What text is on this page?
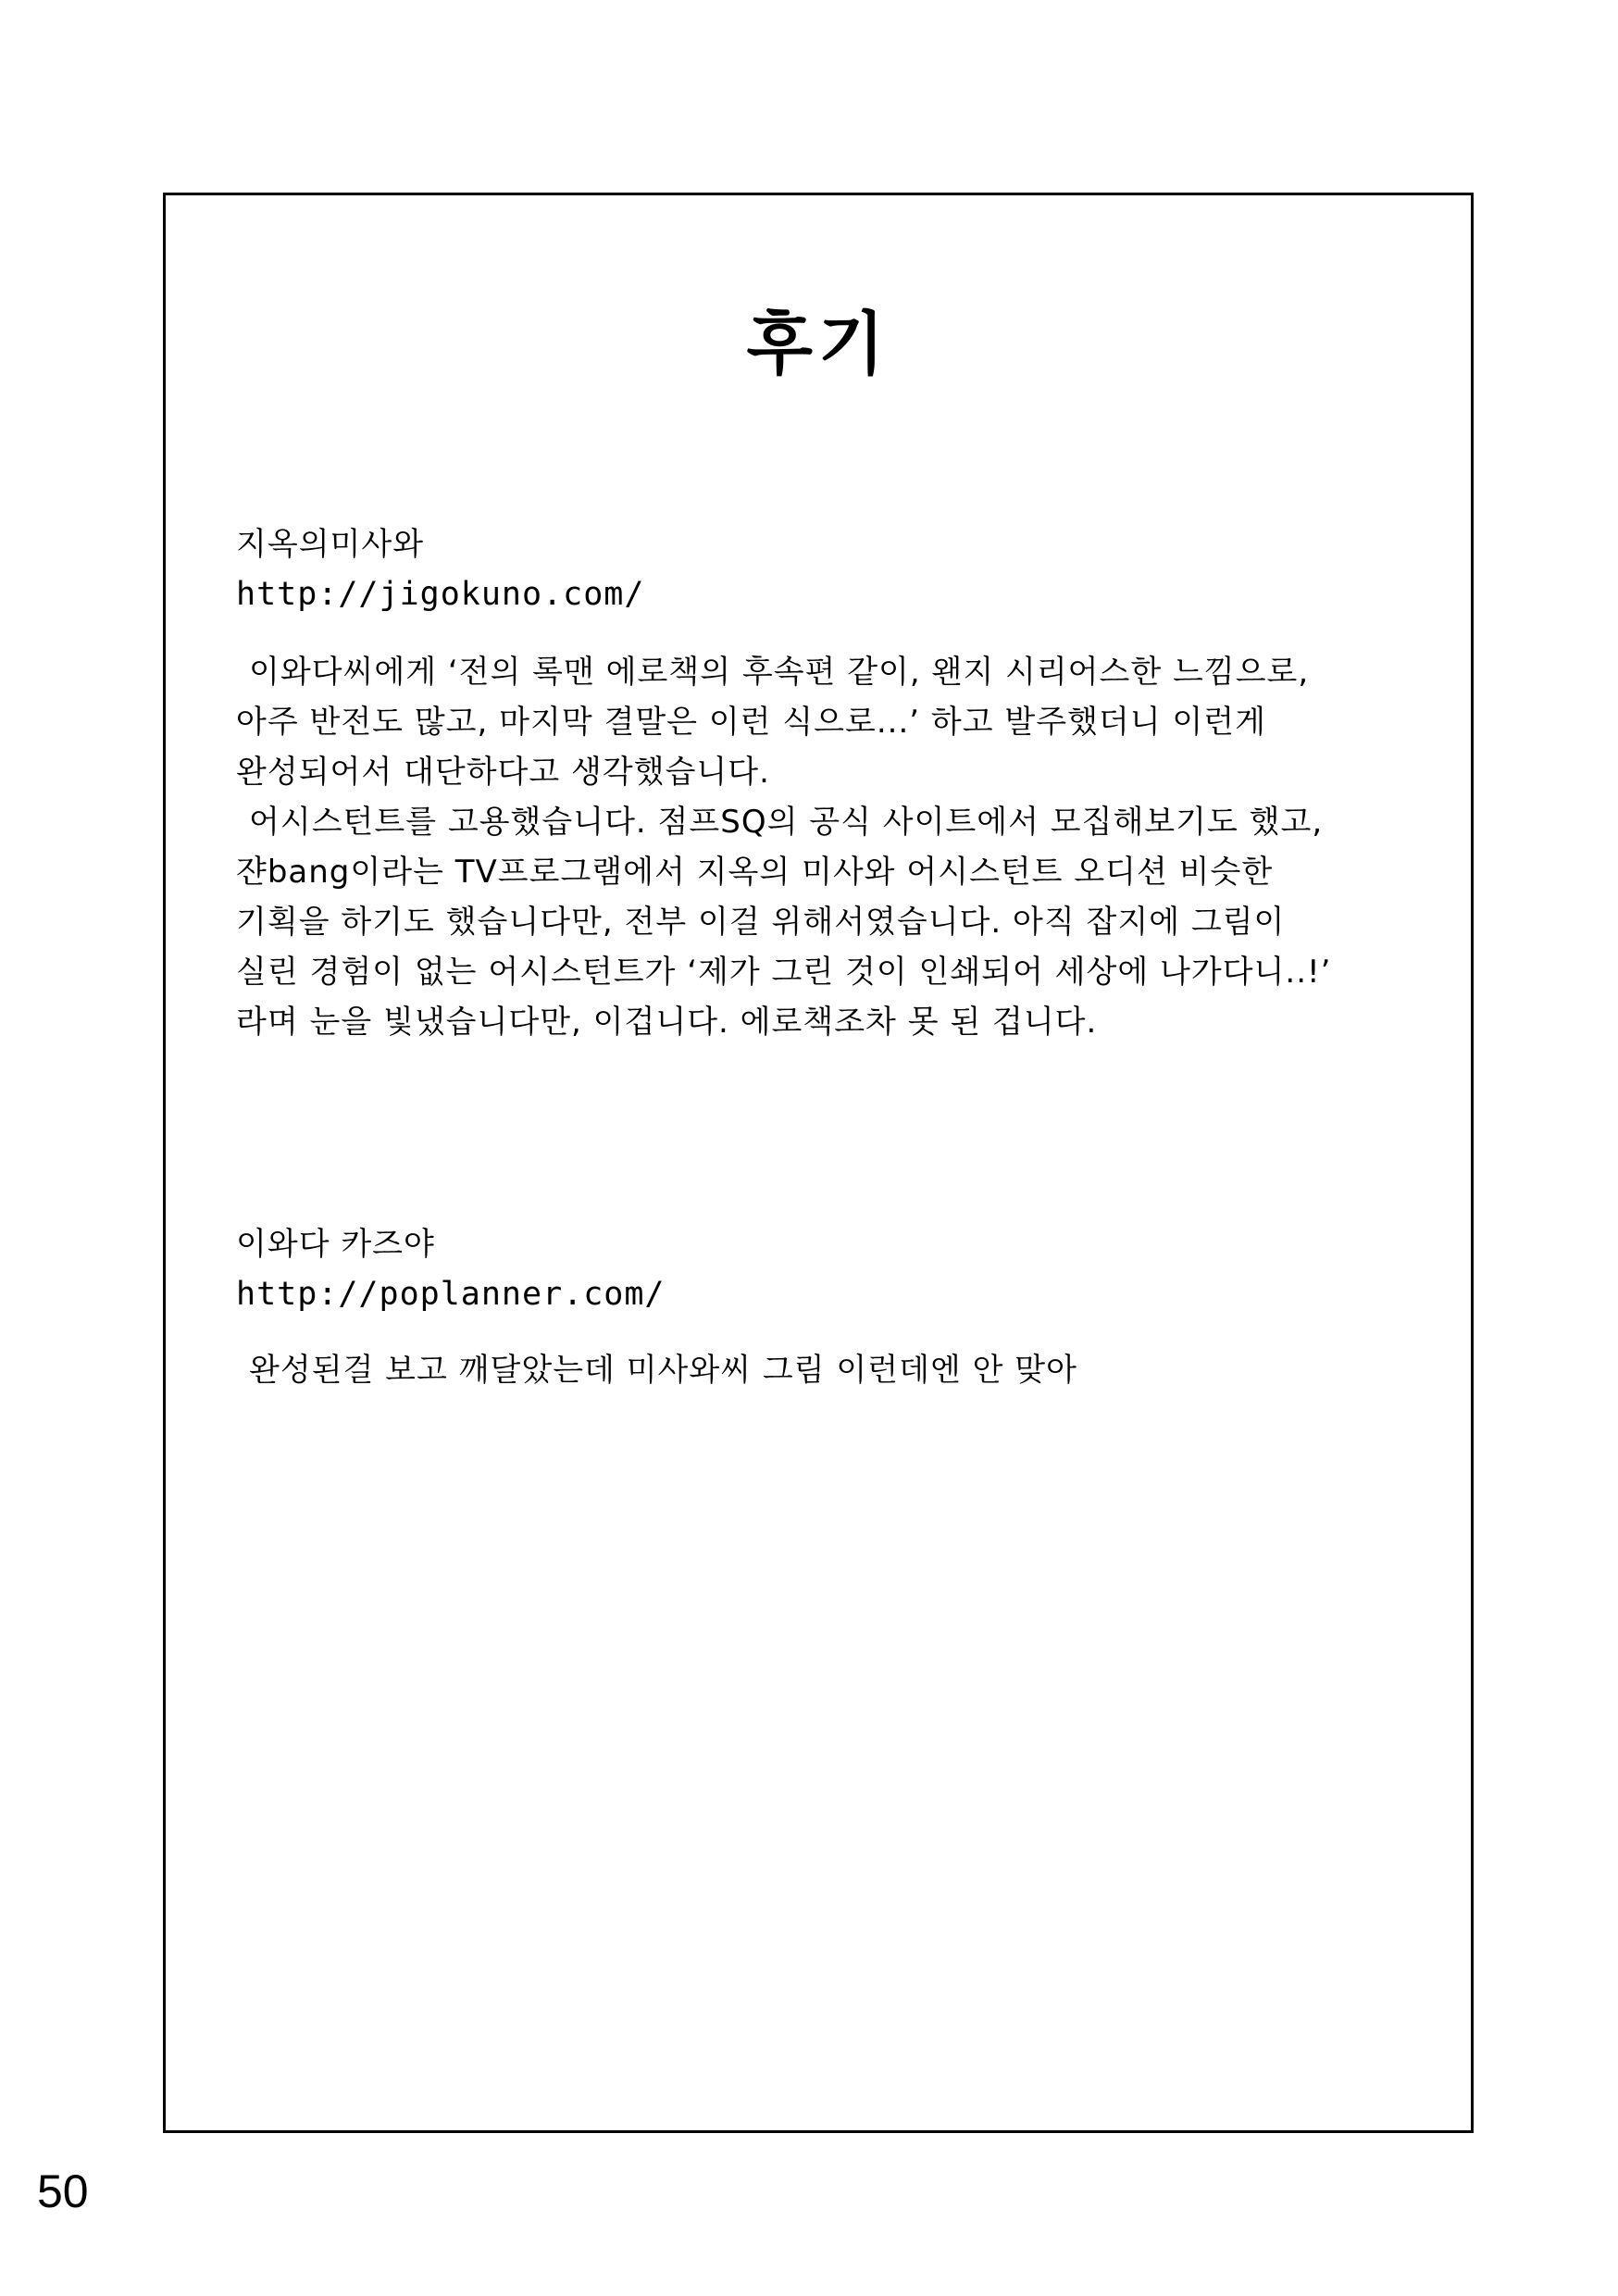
후기
지옥의미사와
http://jigokuno.com/
이와다씨에게 ‘전의 록맨 에로책의 후속편 같이, 왠지 시리어스한 느낌으로,
아주 반전도 많고, 마지막 결말은 이런 식으로...’ 하고 발주했더니 이런게
완성되어서 대단하다고 생각했습니다.
어시스턴트를 고용했습니다. 점프SQ의 공식 사이트에서 모집해보기도 했고,
쟌bang이라는 TV프로그램에서 지옥의 미사와 어시스턴트 오디션 비슷한
기획을 하기도 했습니다만, 전부 이걸 위해서였습니다. 아직 잡지에 그림이
실린 경험이 없는 어시스턴트가 ‘제가 그린 것이 인쇄되어 세상에 나가다니..!’
라며 눈을 빛냈습니다만, 이겁니다. 에로책조차 못 된 겁니다.
이와다 카즈야
http://poplanner.com/
완성된걸 보고 깨달았는데 미사와씨 그림 이런데엔 안 맞아
50
